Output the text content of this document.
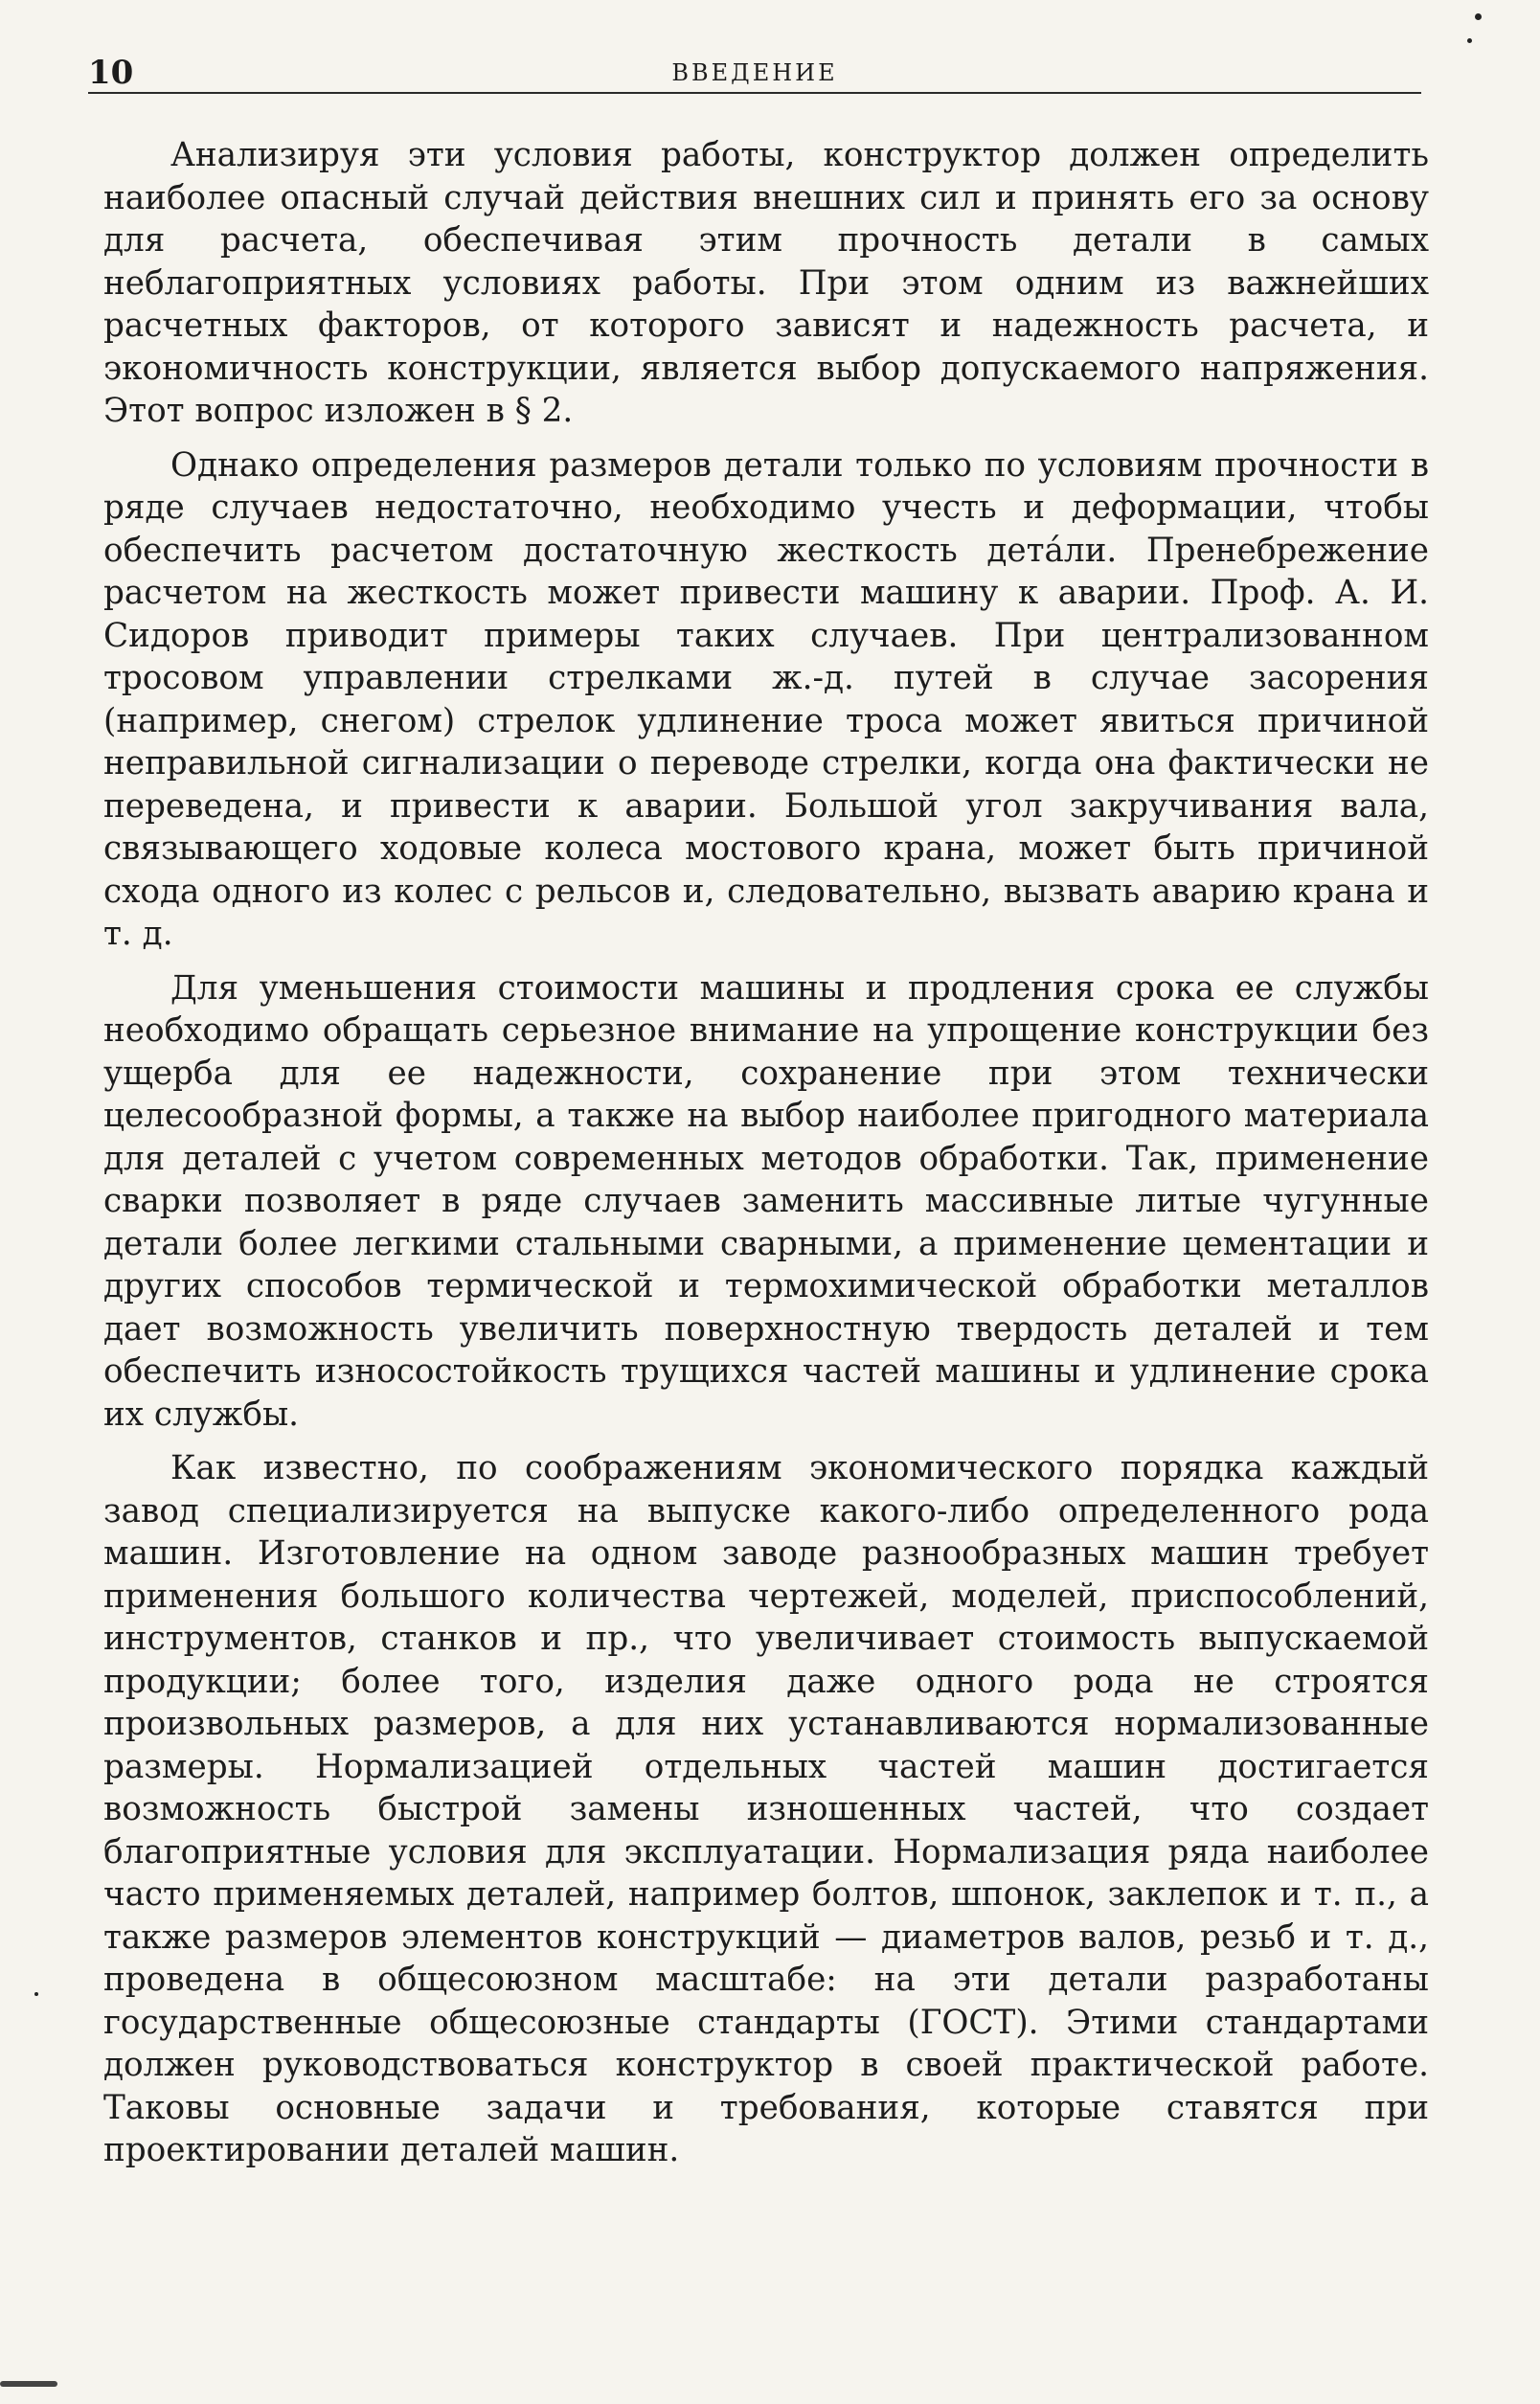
10	ВВЕДЕНИЕ

Анализируя эти условия работы, конструктор должен определить наиболее опасный случай действия внешних сил и принять его за основу для расчета, обеспечивая этим прочность детали в самых неблагоприятных условиях работы. При этом одним из важнейших расчетных факторов, от которого зависят и надежность расчета, и экономичность конструкции, является выбор допускаемого напряжения. Этот вопрос изложен в § 2.

Однако определения размеров детали только по условиям прочности в ряде случаев недостаточно, необходимо учесть и деформации, чтобы обеспечить расчетом достаточную жесткость детáли. Пренебрежение расчетом на жесткость может привести машину к аварии. Проф. А. И. Сидоров приводит примеры таких случаев. При централизованном тросовом управлении стрелками ж.-д. путей в случае засорения (например, снегом) стрелок удлинение троса может явиться причиной неправильной сигнализации о переводе стрелки, когда она фактически не переведена, и привести к аварии. Большой угол закручивания вала, связывающего ходовые колеса мостового крана, может быть причиной схода одного из колес с рельсов и, следовательно, вызвать аварию крана и т. д.

Для уменьшения стоимости машины и продления срока ее службы необходимо обращать серьезное внимание на упрощение конструкции без ущерба для ее надежности, сохранение при этом технически целесообразной формы, а также на выбор наиболее пригодного материала для деталей с учетом современных методов обработки. Так, применение сварки позволяет в ряде случаев заменить массивные литые чугунные детали более легкими стальными сварными, а применение цементации и других способов термической и термохимической обработки металлов дает возможность увеличить поверхностную твердость деталей и тем обеспечить износостойкость трущихся частей машины и удлинение срока их службы.

Как известно, по соображениям экономического порядка каждый завод специализируется на выпуске какого-либо определенного рода машин. Изготовление на одном заводе разнообразных машин требует применения большого количества чертежей, моделей, приспособлений, инструментов, станков и пр., что увеличивает стоимость выпускаемой продукции; более того, изделия даже одного рода не строятся произвольных размеров, а для них устанавливаются нормализованные размеры. Нормализацией отдельных частей машин достигается возможность быстрой замены изношенных частей, что создает благоприятные условия для эксплуатации. Нормализация ряда наиболее часто применяемых деталей, например болтов, шпонок, заклепок и т. п., а также размеров элементов конструкций — диаметров валов, резьб и т. д., проведена в общесоюзном масштабе: на эти детали разработаны государственные общесоюзные стандарты (ГОСТ). Этими стандартами должен руководствоваться конструктор в своей практической работе. Таковы основные задачи и требования, которые ставятся при проектировании деталей машин.
